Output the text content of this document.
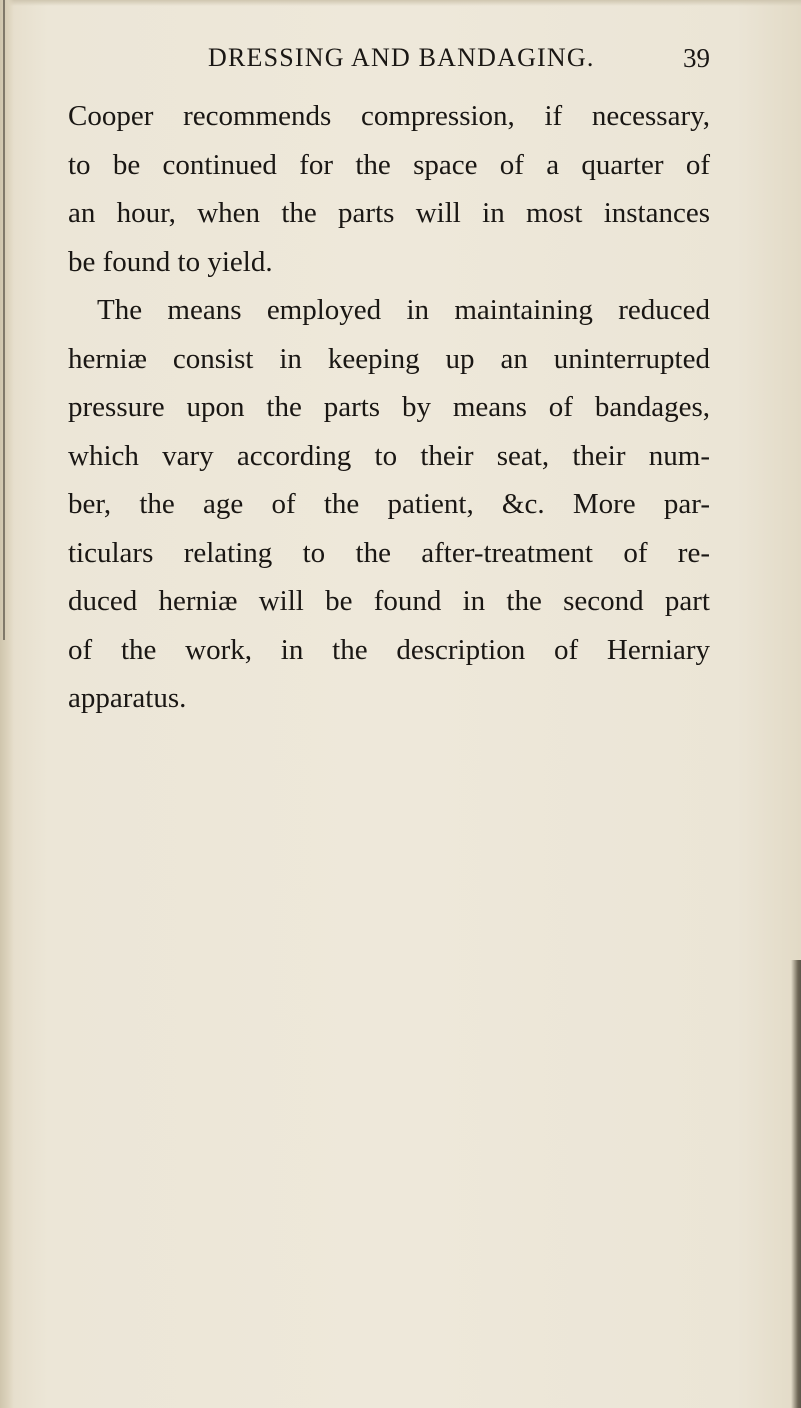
DRESSING AND BANDAGING.	39
Cooper recommends compression, if necessary,
to be continued for the space of a quarter of
an hour, when the parts will in most instances
be found to yield.
The means employed in maintaining reduced
herniæ consist in keeping up an uninterrupted
pressure upon the parts by means of bandages,
which vary according to their seat, their num-
ber, the age of the patient, &c. More par-
ticulars relating to the after-treatment of re-
duced herniæ will be found in the second part
of the work, in the description of Herniary
apparatus.
